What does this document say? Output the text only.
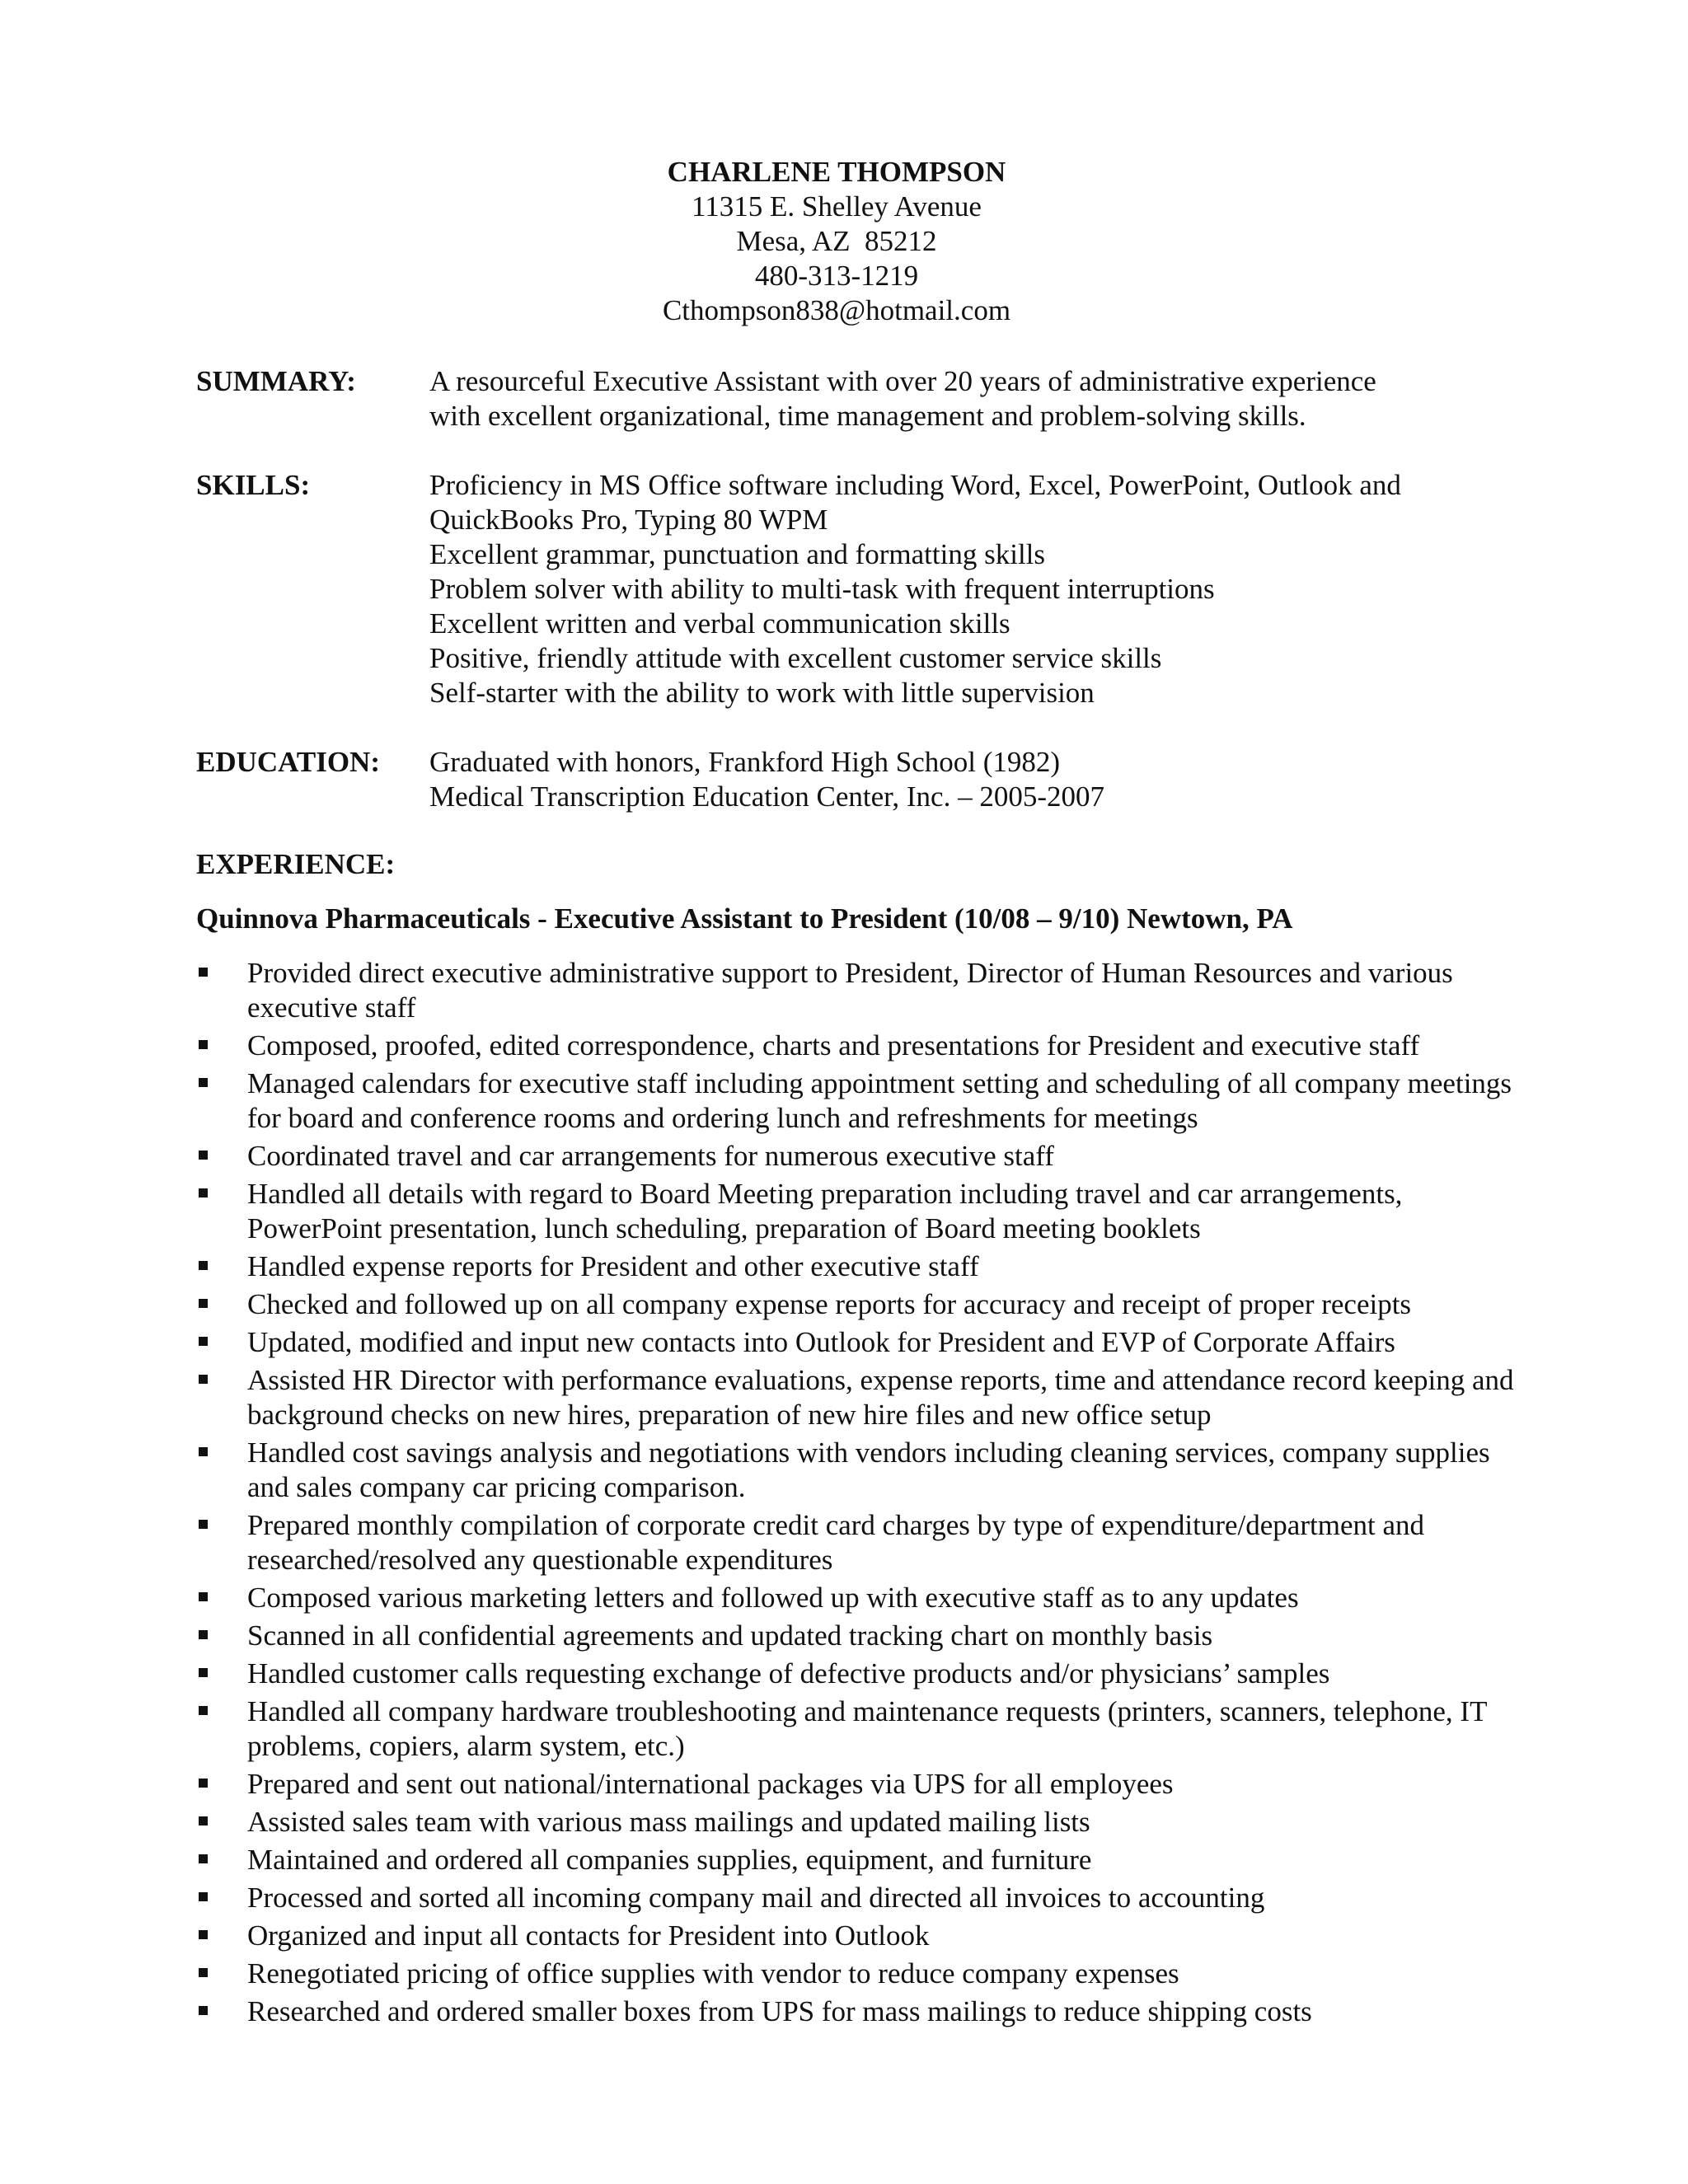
CHARLENE THOMPSON
11315 E. Shelley Avenue
Mesa, AZ  85212
480-313-1219
Cthompson838@hotmail.com
SUMMARY:	A resourceful Executive Assistant with over 20 years of administrative experience
with excellent organizational, time management and problem-solving skills.
SKILLS:	Proficiency in MS Office software including Word, Excel, PowerPoint, Outlook and
QuickBooks Pro, Typing 80 WPM
Excellent grammar, punctuation and formatting skills
Problem solver with ability to multi-task with frequent interruptions
Excellent written and verbal communication skills
Positive, friendly attitude with excellent customer service skills
Self-starter with the ability to work with little supervision
EDUCATION: Graduated with honors, Frankford High School (1982)
Medical Transcription Education Center, Inc. – 2005-2007
EXPERIENCE:
Quinnova Pharmaceuticals - Executive Assistant to President (10/08 – 9/10) Newtown, PA
Provided direct executive administrative support to President, Director of Human Resources and various executive staff
Composed, proofed, edited correspondence, charts and presentations for President and executive staff
Managed calendars for executive staff including appointment setting and scheduling of all company meetings for board and conference rooms and ordering lunch and refreshments for meetings
Coordinated travel and car arrangements for numerous executive staff
Handled all details with regard to Board Meeting preparation including travel and car arrangements, PowerPoint presentation, lunch scheduling, preparation of Board meeting booklets
Handled expense reports for President and other executive staff
Checked and followed up on all company expense reports for accuracy and receipt of proper receipts
Updated, modified and input new contacts into Outlook for President and EVP of Corporate Affairs
Assisted HR Director with performance evaluations, expense reports, time and attendance record keeping and background checks on new hires, preparation of new hire files and new office setup
Handled cost savings analysis and negotiations with vendors including cleaning services, company supplies and sales company car pricing comparison.
Prepared monthly compilation of corporate credit card charges by type of expenditure/department and researched/resolved any questionable expenditures
Composed various marketing letters and followed up with executive staff as to any updates
Scanned in all confidential agreements and updated tracking chart on monthly basis
Handled customer calls requesting exchange of defective products and/or physicians’ samples
Handled all company hardware troubleshooting and maintenance requests (printers, scanners, telephone, IT problems, copiers, alarm system, etc.)
Prepared and sent out national/international packages via UPS for all employees
Assisted sales team with various mass mailings and updated mailing lists
Maintained and ordered all companies supplies, equipment, and furniture
Processed and sorted all incoming company mail and directed all invoices to accounting
Organized and input all contacts for President into Outlook
Renegotiated pricing of office supplies with vendor to reduce company expenses
Researched and ordered smaller boxes from UPS for mass mailings to reduce shipping costs
